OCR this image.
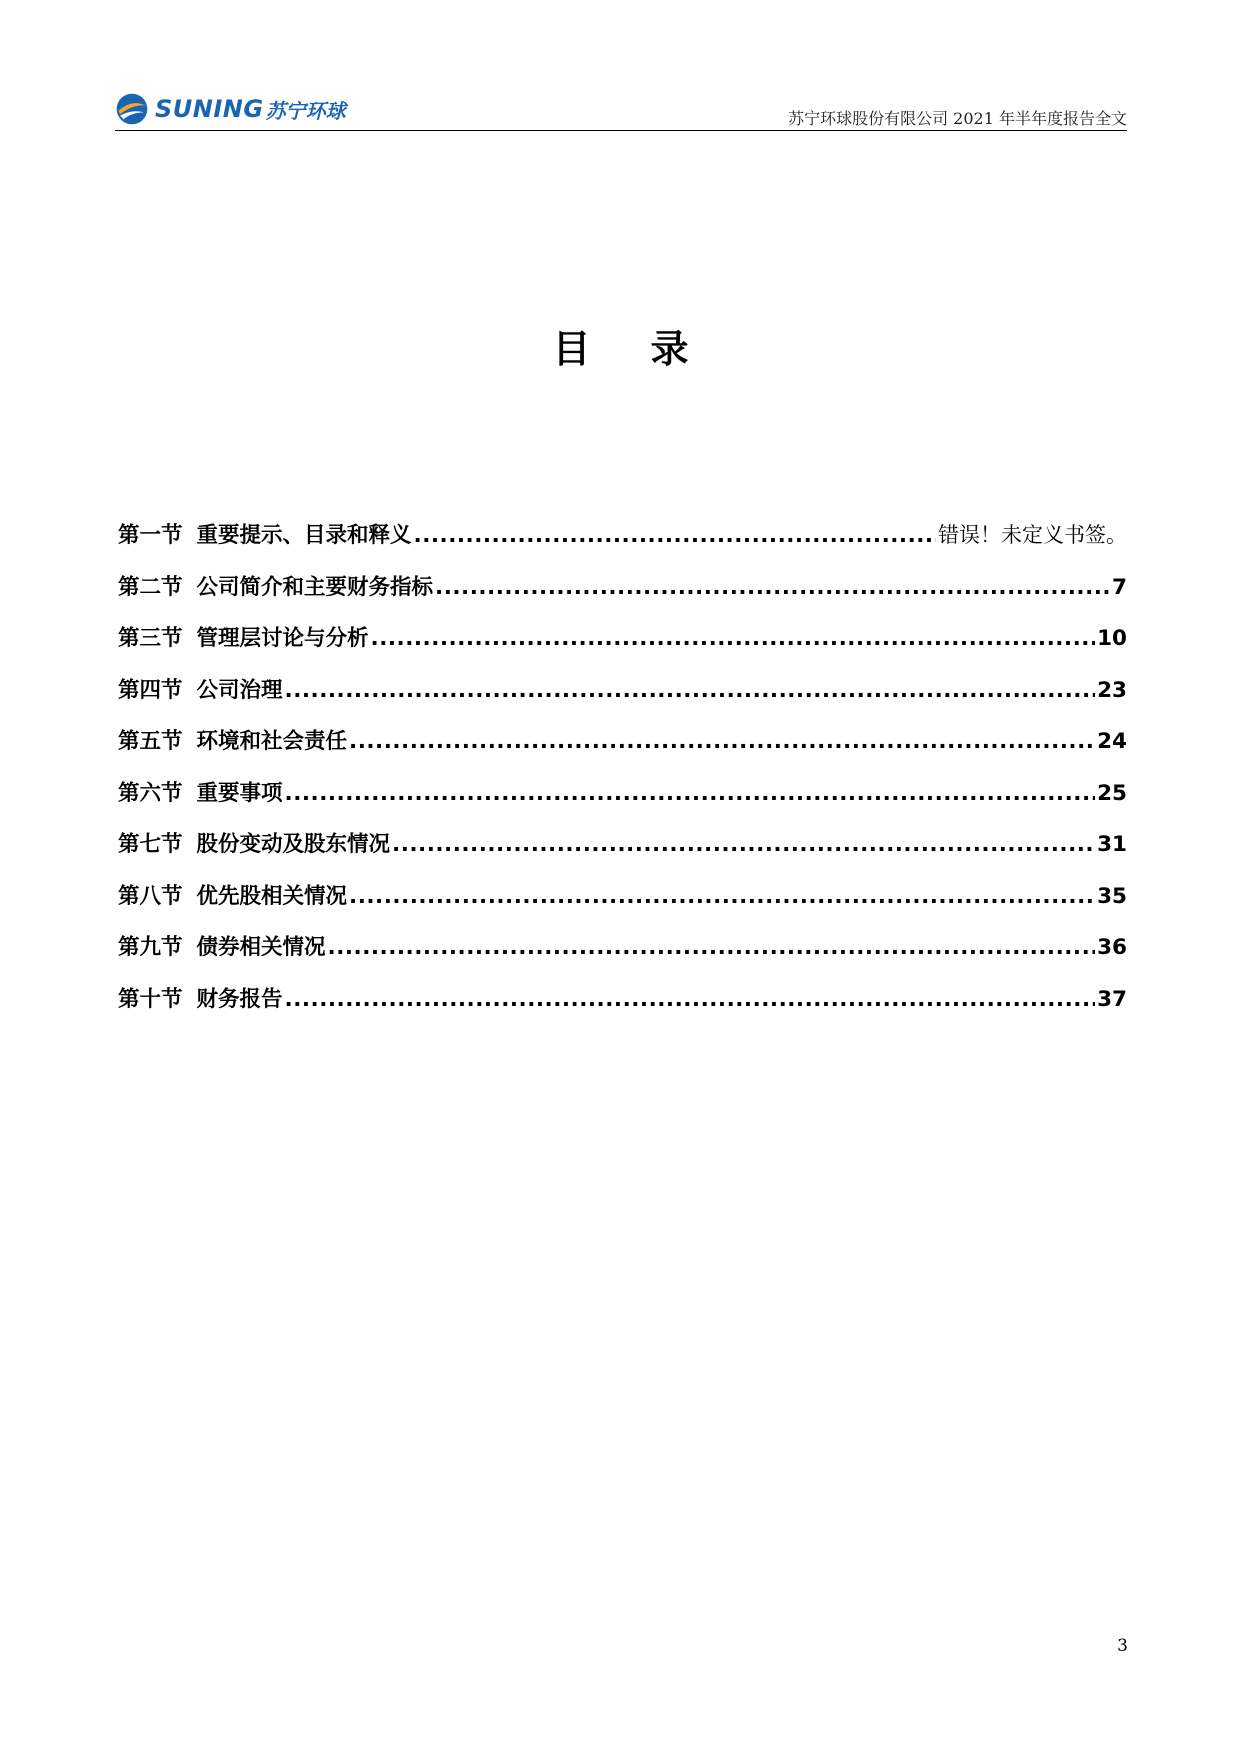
SUNING 苏宁环球	苏宁环球股份有限公司 2021 年半年度报告全文
目录
第一节 重要提示、目录和释义 .....	错误！未定义书签。
第二节 公司简介和主要财务指标 .....	7
第三节 管理层讨论与分析 .....	10
第四节 公司治理 .....	23
第五节 环境和社会责任 .....	24
第六节 重要事项 .....	25
第七节 股份变动及股东情况 .....	31
第八节 优先股相关情况 .....	35
第九节 债券相关情况 .....	36
第十节 财务报告 .....	37
3
